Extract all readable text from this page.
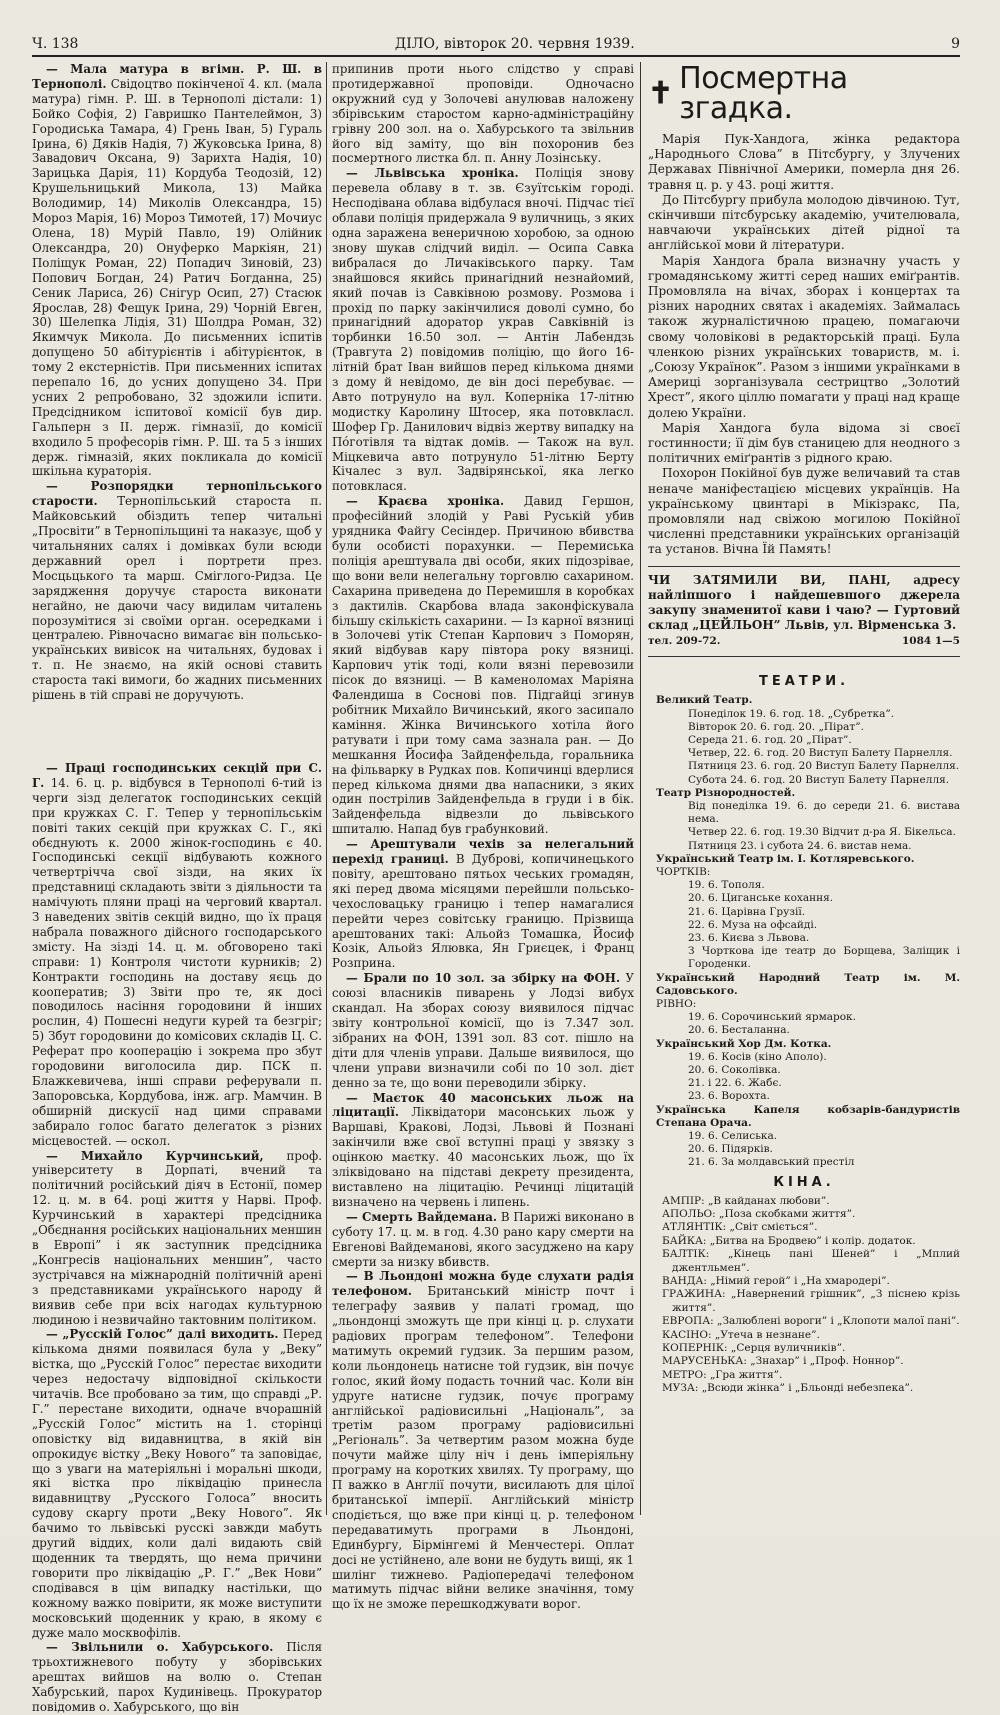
Ч. 138	ДІЛО, вівторок 20. червня 1939.	9

— Мала матура в вгімн. Р. Ш. в Тернополі. Свідоцтво покінченої 4. кл. (мала матура) гімн. Р. Ш. в Тернополі дістали: 1) Бойко Софія, 2) Гавришко Пантелеймон, 3) Городиська Тамара, 4) Грень Іван, 5) Гураль Ірина, 6) Дяків Надія, 7) Жуковська Ірина, 8) Завадович Оксана, 9) Зарихта Надія, 10) Зарицька Дарія, 11) Кордуба Теодозій, 12) Крушельницький Микола, 13) Майка Володимир, 14) Миколів Олександра, 15) Мороз Марія, 16) Мороз Тимотей, 17) Мочиус Олена, 18) Мурій Павло, 19) Олійник Олександра, 20) Онуферко Маркіян, 21) Поліщук Роман, 22) Попадич Зиновій, 23) Попович Богдан, 24) Ратич Богданна, 25) Сеник Лариса, 26) Снігур Осип, 27) Стасюк Ярослав, 28) Фещук Ірина, 29) Чорній Евген, 30) Шелепка Лідія, 31) Шолдра Роман, 32) Якимчук Микола. До письменних іспитів допущено 50 абітурієнтів і абітурієнток, в тому 2 екстерністів. При письменних іспитах перепало 16, до усних допущено 34. При усних 2 репробовано, 32 здожили іспити. Предсідником іспитової комісії був дир. Гальперн з II. держ. гімназії, до комісії входило 5 професорів гімн. Р. Ш. та 5 з інших держ. гімназій, яких покликала до комісії шкільна кураторія.

— Розпорядки тернопільського старости. Тернопільський староста п. Майковський обіздить тепер читальні „Просвіти” в Тернопільщині та наказує, щоб у читальняних салях і домівках були всюди державний орел і портрети през. Мосцьцького та марш. Сміглого-Ридза. Це зарядження доручує староста виконати негайно, не даючи часу видилам читалень порозумітися зі своїми орган. осередками і централею. Рівночасно вимагає він польсько-українських вивісок на читальнях, будовах і т. п. Не знаємо, на якій основі ставить староста такі вимоги, бо жадних письменних рішень в тій справі не доручують.

— Праці господинських секцій при С. Г. 14. 6. ц. р. відбувся в Тернополі 6-тий із черги зізд делегаток господинських секцій при кружках С. Г. Тепер у тернопільськім повіті таких секцій при кружках С. Г., які обєднують к. 2000 жінок-господинь є 40. Господинські секції відбувають кожного четвертрічча свої зізди, на яких їх представниці складають звіти з діяльности та намічують пляни праці на черговий квартал. З наведених звітів секцій видно, що їх праця набрала поважного дійсного господарського змісту. На зізді 14. ц. м. обговорено такі справи: 1) Контроля чистоти курників; 2) Контракти господинь на доставу яєць до кооператив; 3) Звіти про те, як досі поводилось насіння городовини й інших рослин, 4) Пошесні недуги курей та безгріг; 5) Збут городовини до комісових складів Ц. С. Реферат про кооперацію і зокрема про збут городовини виголосила дир. ПСК п. Блажкевичева, інші справи реферували п. Запоровська, Кордубова, інж. агр. Мамчин. В обширній дискусії над цими справами забирало голос багато делегаток з різних місцевостей. — оскол.

— Михайло Курчинський, проф. університету в Дорпаті, вчений та політичний російський діяч в Естонії, помер 12. ц. м. в 64. році життя у Нарві. Проф. Курчинський в характері предсідника „Обєднання російських національних меншин в Европі” і як заступник предсідника „Конгресів національних меншин”, часто зустрічався на міжнародній політичній арені з представниками українського народу й виявив себе при всіх нагодах культурною людиною і незвичайно тактовним політиком.

— „Русскій Голос” далі виходить. Перед кількома днями появилася була у „Веку” вістка, що „Русскій Голос” перестає виходити через недостачу відповідної скількости читачів. Все пробовано за тим, що справді „Р. Г.” перестане виходити, одначе вчорашній „Русскій Голос” містить на 1. сторінці оповістку від видавництва, в якій він опрокидує вістку „Веку Нового” та заповідає, що з уваги на матеріяльні і моральні шкоди, які вістка про ліквідацію принесла видавництву „Русского Голоса” вносить судову скаргу проти „Веку Нового”. Як бачимо то львівські русскі завжди мабуть другий віддих, коли далі видають свій щоденник та твердять, що нема причини говорити про ліквідацію „Р. Г.” „Век Нови” сподівався в цім випадку настільки, що кожному важко повірити, як може виступити московський щоденник у краю, в якому є дуже мало москвофілів.

— Звільнили о. Хабурського. Після трьохтижневого побуту у зборівських арештах вийшов на волю о. Степан Хабурський, парох Кудинівець. Прокуратор повідомив о. Хабурського, що він

припинив проти нього слідство у справі протидержавної проповіди. Одночасно окружний суд у Золочеві анулював наложену збірівським старостом карно-адміністраційну грівну 200 зол. на о. Хабурського та звільнив його від заміту, що він похоронив без посмертного листка бл. п. Анну Лозінську.

— Львівська хроніка. Поліція знову перевела облаву в т. зв. Єзуїтськім городі. Несподівана облава відбулася вночі. Підчас тієї облави поліція придержала 9 вуличниць, з яких одна заражена венеричною хоробою, за одною знову шукав слідчий виділ. — Осипа Савка вибралася до Личаківського парку. Там знайшовся якийсь принагідний незнайомий, який почав із Савківною розмову. Розмова і прохід по парку закінчилися доволі сумно, бо принагідний адоратор украв Савківній із торбинки 16.50 зол. — Антін Лабендзь (Травгута 2) повідомив поліцію, що його 16-літній брат Іван вийшов перед кількома днями з дому й невідомо, де він досі перебуває. — Авто потрунуло на вул. Коперніка 17-літню модистку Каролину Штосер, яка потовкласл. Шофер Гр. Данилович відвіз жертву випадку на Пóготівля та відтак домів. — Також на вул. Міцкевича авто потрунуло 51-літню Берту Кічалес з вул. Задвірянської, яка легко потовклася.

— Краєва хроніка. Давид Гершон, професійний злодій у Раві Руській убив урядника Файгу Сесіндер. Причиною вбивства були особисті порахунки. — Перемиська поліція арештувала дві особи, яких підозрівае, що вони вели нелегальну торговлю сахарином. Сахарина приведена до Перемишля в коробках з дактилів. Скарбова влада законфіскувала більшу скількість сахарини. — Із карної вязниці в Золочеві утік Степан Карпович з Поморян, який відбував кару півтора року вязниці. Карпович утік тоді, коли вязні перевозили пісок до вязниці. — В каменоломах Маріяна Фалендиша в Соснові пов. Підгайці згинув робітник Михайло Вичинський, якого засипало каміння. Жінка Вичинського хотіла його ратувати і при тому сама зазнала ран. — До мешкання Йосифа Зайденфельда, горальника на фільварку в Рудках пов. Копичинці вдерлися перед кількома днями два напасники, з яких один пострілив Зайденфельда в груди і в бік. Зайденфельда відвезли до львівського шпиталю. Напад був грабунковий.

— Арештували чехів за нелегальний перехід границі. В Дуброві, копичинецького повіту, арештовано пятьох чеських громадян, які перед двома місяцями перейшли польсько-чехословацьку границю і тепер намагалися перейти через совітську границю. Прізвища арештованих такі: Альойз Томашка, Йосиф Козік, Альойз Ялювка, Ян Гриєцек, і Франц Розприна.

— Брали по 10 зол. за збірку на ФОН. У союзі власників пиварень у Лодзі вибух скандал. На зборах союзу виявилося підчас звіту контрольної комісії, що із 7.347 зол. зібраних на ФОН, 1391 зол. 83 сот. пішло на діти для членів управи. Дальше виявилося, що члени управи визначили собі по 10 зол. дієт денно за те, що вони переводили збірку.

— Маєток 40 масонських льож на ліцитації. Ліквідатори масонських льож у Варшаві, Кракові, Лодзі, Львові й Познані закінчили вже свої вступні праці у звязку з оцінкою маєтку. 40 масонських льож, що їх зліквідовано на підставі декрету президента, виставлено на ліцитацію. Речинці ліцитацій визначено на червень і липень.

— Смерть Вайдемана. В Парижі виконано в суботу 17. ц. м. в год. 4.30 рано кару смерти на Евгенові Вайдеманові, якого засуджено на кару смерти за низку вбивств.

— В Льондоні можна буде слухати радія телефоном. Британський міністр почт і телеграфу заявив у палаті громад, що „льондонці зможуть ще при кінці ц. р. слухати радіових програм телефоном”. Телефони матимуть окремий гудзик. За першим разом, коли льондонець натисне той гудзик, він почує голос, який йому подасть точний час. Коли він удруге натисне гудзик, почує програму англійської радіовисильні „Національ”, за третім разом програму радіовисильні „Регіональ”. За четвертим разом можна буде почути майже цілу ніч і день імперіяльну програму на коротких хвилях. Ту програму, що П важко в Англії почути, висилають для цілої британської імперії. Англійський міністр сподіється, що вже при кінці ц. р. телефоном передаватимуть програми в Льондоні, Единбургу, Бірмінгемі й Менчестері. Оплат досі не устійнено, але вони не будуть вищі, як 1 шилінг тижнево. Радіопередачі телефоном матимуть підчас війни велике значіння, тому що їх не зможе перешкоджувати ворог.

✝ Посмертна згадка.

Марія Пук-Хандога, жінка редактора „Народнього Слова” в Пітсбургу, у Злучених Державах Північної Америки, померла дня 26. травня ц. р. у 43. році життя.

До Пітсбургу прибула молодою дівчиною. Тут, скінчивши пітсбурську академію, учителювала, навчаючи українських дітей рідної та англійської мови й літератури.

Марія Хандога брала визначну участь у громадянському житті серед наших еміґрантів. Промовляла на вічах, зборах і концертах та різних народних святах і академіях. Займалась також журналістичною працею, помагаючи свому чоловікові в редакторській праці. Була членкою різних українських товариств, м. і. „Союзу Українок”. Разом з іншими українками в Америці зорганізувала сестрицтво „Золотий Хрест”, якого ціллю помагати у праці над краще долею України.

Марія Хандога була відома зі своєї гостинности; її дім був станицею для неодного з політичних еміґрантів з рідного краю.

Похорон Покійної був дуже величавий та став неначе маніфестацією місцевих українців. На українському цвинтарі в Мікізракс, Па, промовляли над свіжою могилою Покійної численні представники українських організацій та установ. Вічна Їй Память!

ЧИ ЗАТЯМИЛИ ВИ, ПАНІ, адресу найліпшого і найдешевшого джерела закупу знаменитої кави і чаю? — Гуртовий склад „ЦЕЙЛЬОН” Львів, ул. Вірменська 3.

тел. 209-72.	1084 1—5
ТЕАТРИ.
Великий Театр.
Понеділок 19. 6. год. 18. „Субретка”.
Вівторок 20. 6. год. 20. „Пірат”.
Середа 21. 6. год. 20 „Пірат”.
Четвер, 22. 6. год. 20 Виступ Балету Парнелля.
Пятниця 23. 6. год. 20 Виступ Балету Парнелля.
Субота 24. 6. год. 20 Виступ Балету Парнелля.
Театр Різнородностей.
Від понеділка 19. 6. до середи 21. 6. вистава нема.
Четвер 22. 6. год. 19.30 Відчит д-ра Я. Бікельса.
Пятниця 23. і субота 24. 6. вистав нема.
Український Театр ім. І. Котляревського.
ЧОРТКІВ:
19. 6. Тополя.
20. 6. Циганське кохання.
21. 6. Царівна Грузії.
22. 6. Муза на офсайді.
23. 6. Києва з Львова.
З Чорткова іде театр до Борщева, Заліщик і Городенки.
Український Народний Театр ім. М. Садовського.
РІВНО:
19. 6. Сорочинський ярмарок.
20. 6. Бесталанна.
Український Хор Дм. Котка.
19. 6. Косів (кіно Аполо).
20. 6. Соколівка.
21. і 22. 6. Жабє.
23. 6. Ворохта.
Українська Капеля кобзарів-бандуристів Степана Орача.
19. 6. Селиська.
20. 6. Підярків.
21. 6. За молдавський престіл
КІНА.
АМПІР: „В кайданах любови”.
АПОЛЬО: „Поза скобками життя”.
АТЛЯНТІК: „Світ сміється”.
БАЙКА: „Битва на Бродвею” і колір. додаток.
БАЛТІК: „Кінець пані Шеней” і „Мплий джентльмен”.
ВАНДА: „Німий герой” і „На хмародері”.
ГРАЖИНА: „Навернений грішник”, „З піснею крізь життя”.
ЕВРОПА: „Залюблені вороги” і „Клопоти малої пані”.
КАСІНО: „Утеча в незнане”.
КОПЕРНІК: „Серця вуличників”.
МАРУСЕНЬКА: „Знахар” і „Проф. Ноннор”.
МЕТРО: „Гра життя”.
МУЗА: „Всюди жінка” і „Бльонді небезпека”.
